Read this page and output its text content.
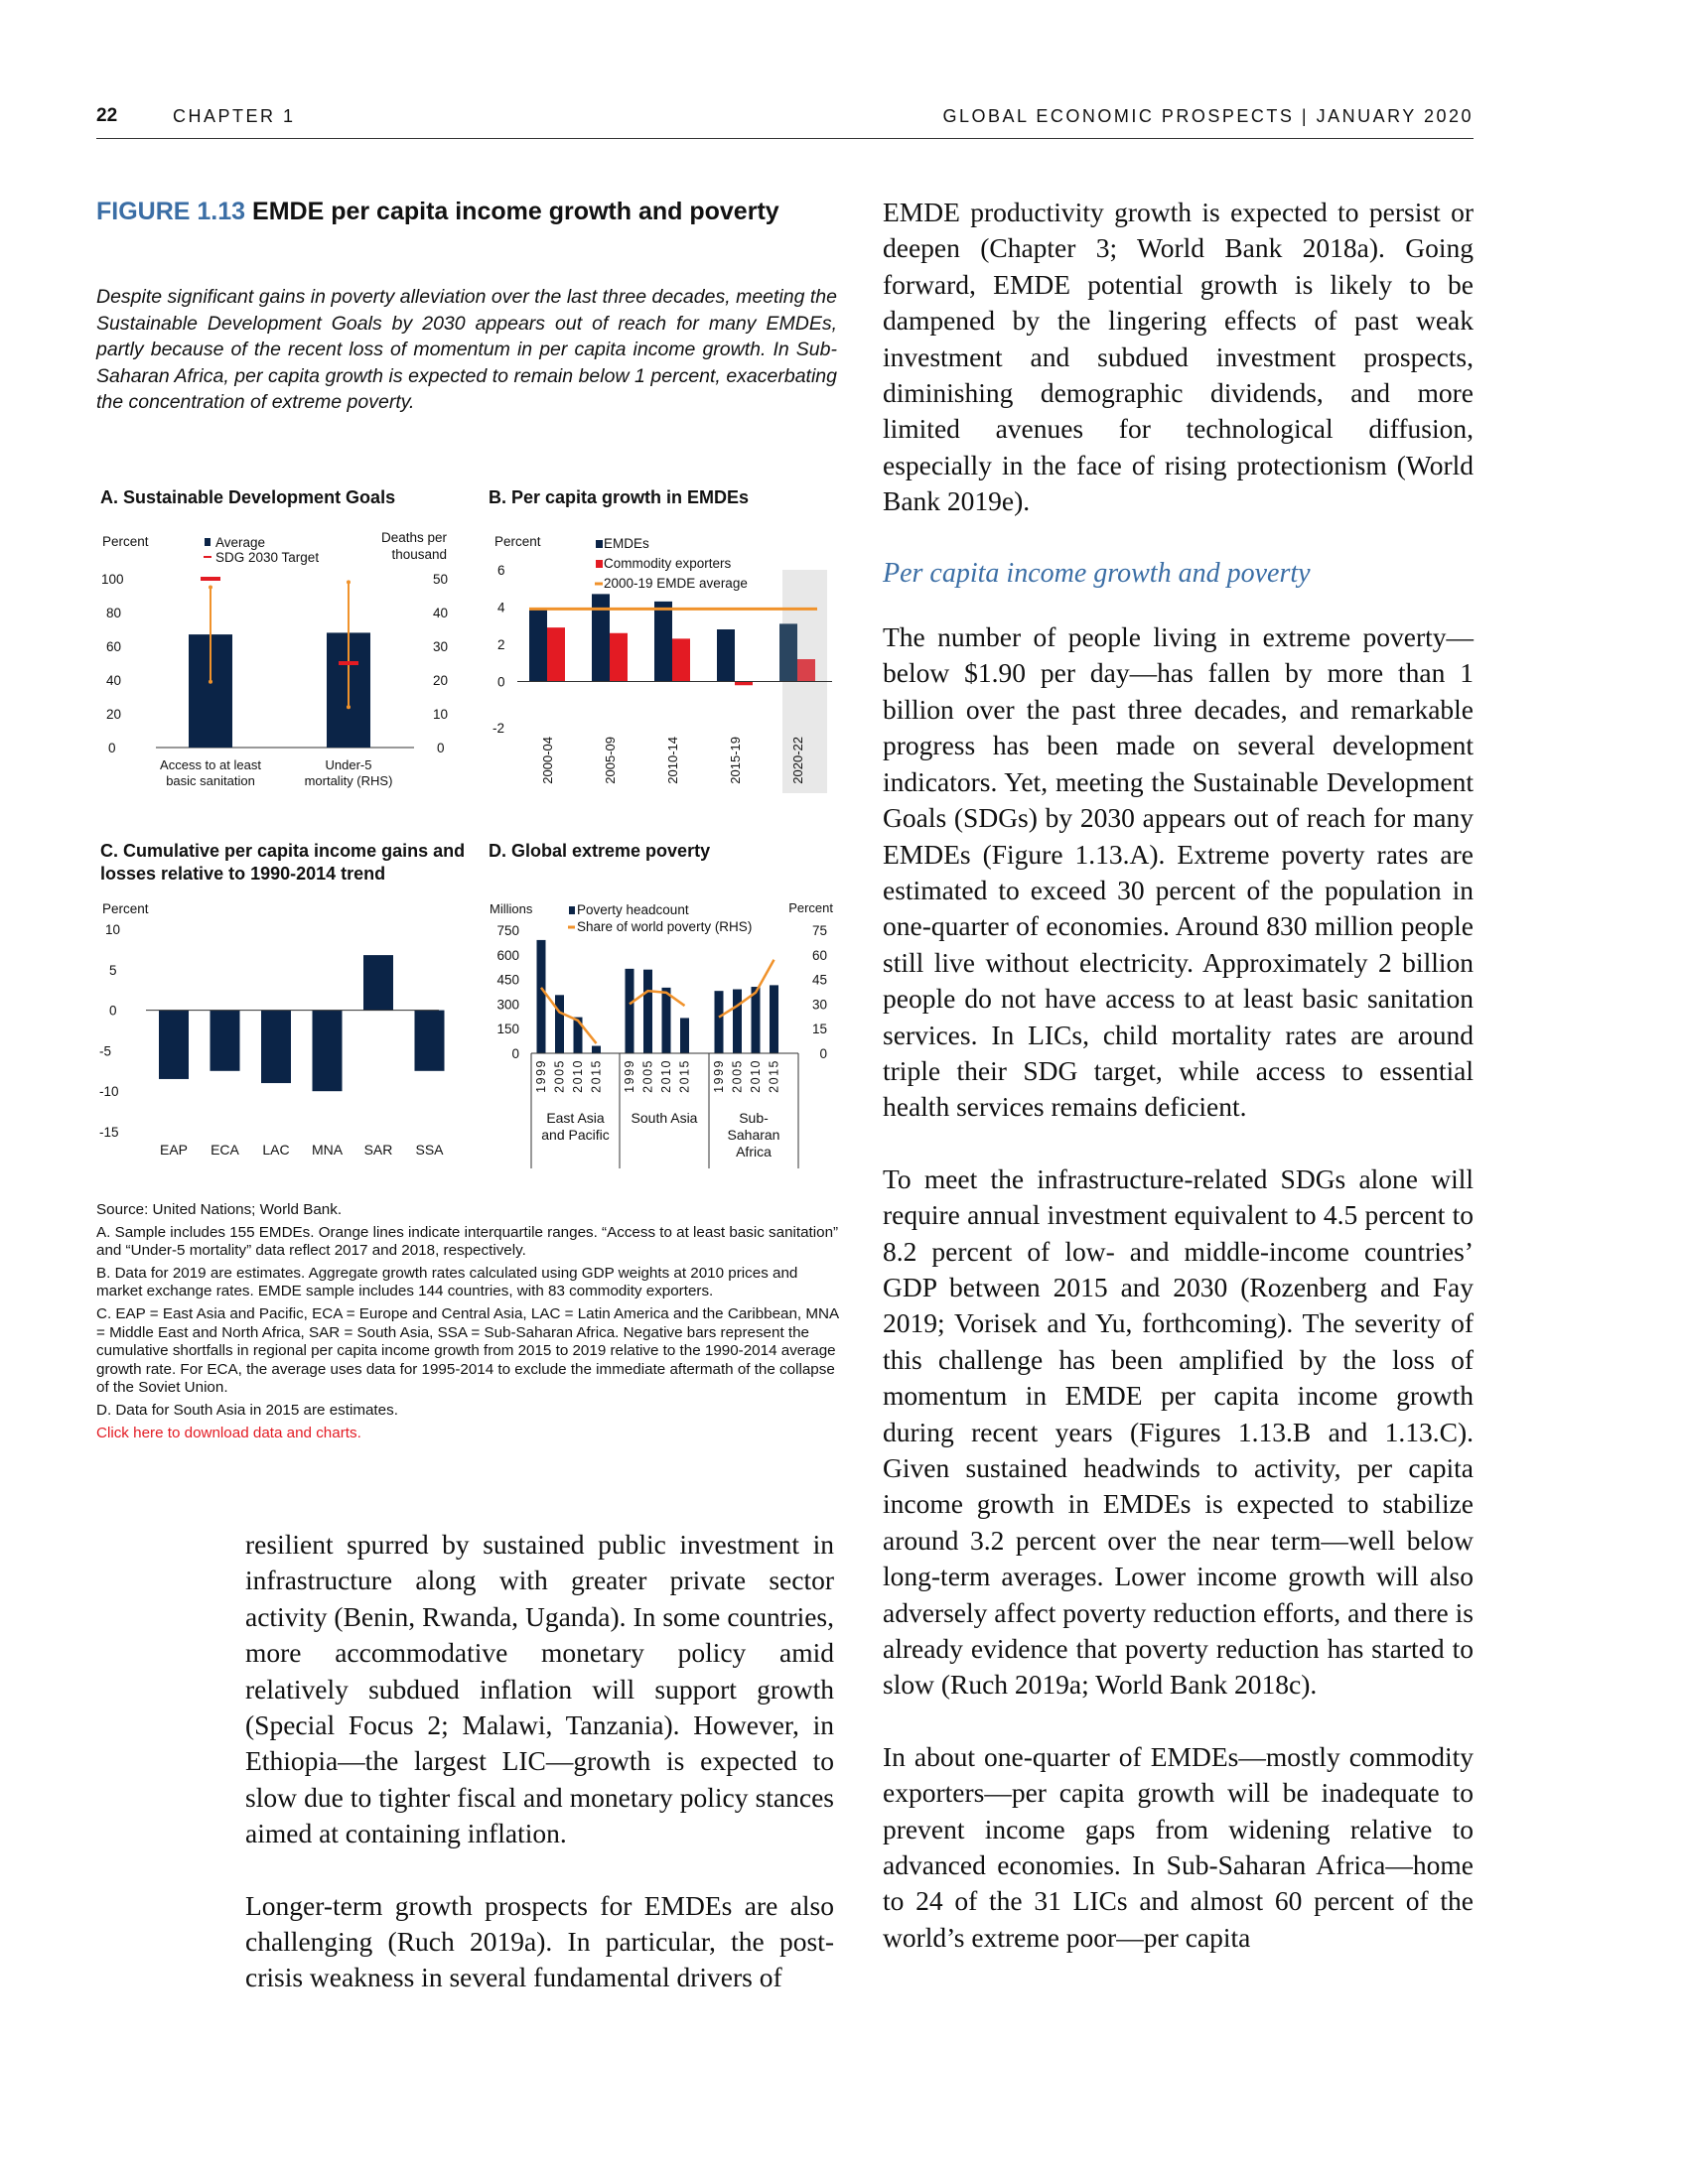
22	CHAPTER 1	GLOBAL ECONOMIC PROSPECTS | JANUARY 2020
FIGURE 1.13 EMDE per capita income growth and poverty
Despite significant gains in poverty alleviation over the last three decades, meeting the Sustainable Development Goals by 2030 appears out of reach for many EMDEs, partly because of the recent loss of momentum in per capita income growth. In Sub-Saharan Africa, per capita growth is expected to remain below 1 percent, exacerbating the concentration of extreme poverty.
A. Sustainable Development Goals	B. Per capita growth in EMDEs
C. Cumulative per capita income gains and losses relative to 1990-2014 trend
D. Global extreme poverty
Percent
100
80
60
40
20
0
50
40
30
20
10
0
Deaths per
thousand
Average
SDG 2030 Target
Access to at least
basic sanitation
Under-5
mortality (RHS)
Percent
6
4
2
0
-2
EMDEs
Commodity exporters
2000-19 EMDE average
2000-04	2005-09	2010-14	2015-19	2020-22
Percent
10
5
0
-5
-10
-15
EAP ECA LAC MNA SAR SSA
Millions	Percent
750	75
600	60
450	45
300	30
150	15
0	0
Poverty headcount
Share of world poverty (RHS)
1999 2005 2010 2015
East Asia
and Pacific
1999 2005 2010 2015
South Asia
1999 2005 2010 2015
Sub-
Saharan
Africa

Source: United Nations; World Bank.

A. Sample includes 155 EMDEs. Orange lines indicate interquartile ranges. “Access to at least basic sanitation” and “Under-5 mortality” data reflect 2017 and 2018, respectively.

B. Data for 2019 are estimates. Aggregate growth rates calculated using GDP weights at 2010 prices and market exchange rates. EMDE sample includes 144 countries, with 83 commodity exporters.

C. EAP = East Asia and Pacific, ECA = Europe and Central Asia, LAC = Latin America and the Caribbean, MNA = Middle East and North Africa, SAR = South Asia, SSA = Sub-Saharan Africa. Negative bars represent the cumulative shortfalls in regional per capita income growth from 2015 to 2019 relative to the 1990-2014 average growth rate. For ECA, the average uses data for 1995-2014 to exclude the immediate aftermath of the collapse of the Soviet Union.

D. Data for South Asia in 2015 are estimates.

Click here to download data and charts.

resilient spurred by sustained public investment in infrastructure along with greater private sector activity (Benin, Rwanda, Uganda). In some countries, more accommodative monetary policy amid relatively subdued inflation will support growth (Special Focus 2; Malawi, Tanzania). However, in Ethiopia—the largest LIC—growth is expected to slow due to tighter fiscal and monetary policy stances aimed at containing inflation.

Longer-term growth prospects for EMDEs are also challenging (Ruch 2019a). In particular, the post-crisis weakness in several fundamental drivers of

EMDE productivity growth is expected to persist or deepen (Chapter 3; World Bank 2018a). Going forward, EMDE potential growth is likely to be dampened by the lingering effects of past weak investment and subdued investment prospects, diminishing demographic dividends, and more limited avenues for technological diffusion, especially in the face of rising protectionism (World Bank 2019e).

Per capita income growth and poverty

The number of people living in extreme poverty—below $1.90 per day—has fallen by more than 1 billion over the past three decades, and remarkable progress has been made on several development indicators. Yet, meeting the Sustainable Development Goals (SDGs) by 2030 appears out of reach for many EMDEs (Figure 1.13.A). Extreme poverty rates are estimated to exceed 30 percent of the population in one-quarter of economies. Around 830 million people still live without electricity. Approximately 2 billion people do not have access to at least basic sanitation services. In LICs, child mortality rates are around triple their SDG target, while access to essential health services remains deficient.

To meet the infrastructure-related SDGs alone will require annual investment equivalent to 4.5 percent to 8.2 percent of low- and middle-income countries’ GDP between 2015 and 2030 (Rozenberg and Fay 2019; Vorisek and Yu, forthcoming). The severity of this challenge has been amplified by the loss of momentum in EMDE per capita income growth during recent years (Figures 1.13.B and 1.13.C). Given sustained headwinds to activity, per capita income growth in EMDEs is expected to stabilize around 3.2 percent over the near term—well below long-term averages. Lower income growth will also adversely affect poverty reduction efforts, and there is already evidence that poverty reduction has started to slow (Ruch 2019a; World Bank 2018c).

In about one-quarter of EMDEs—mostly commodity exporters—per capita growth will be inadequate to prevent income gaps from widening relative to advanced economies. In Sub-Saharan Africa—home to 24 of the 31 LICs and almost 60 percent of the world’s extreme poor—per capita
